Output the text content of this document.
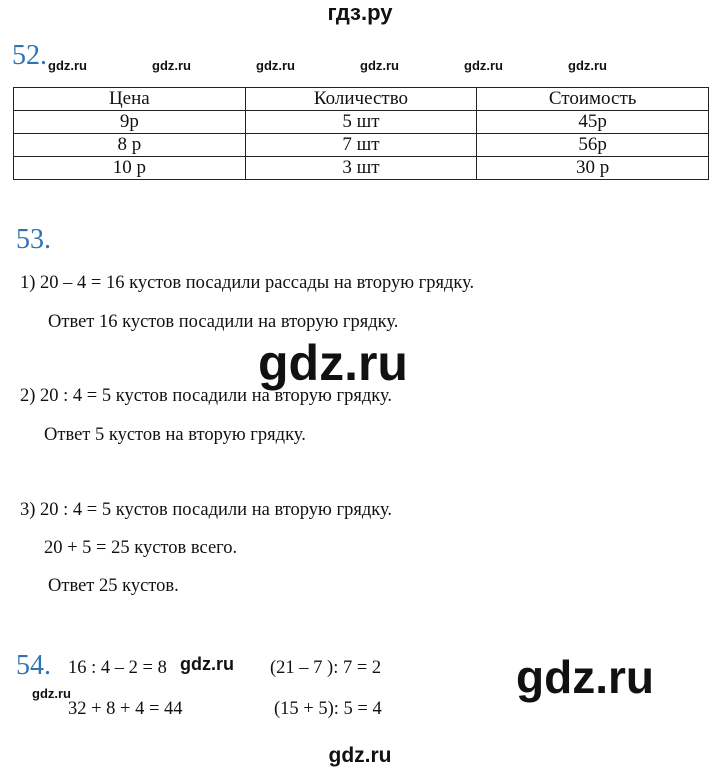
гдз.ру
52. gdz.ru	gdz.ru	gdz.ru	gdz.ru	gdz.ru	gdz.ru
Цена	Количество	Стоимость
9р	5 шт	45р
8 р	7 шт	56р
10 р	3 шт	30 р
53.
1) 20 – 4 = 16 кустов посадили рассады на вторую грядку.
Ответ 16 кустов посадили на вторую грядку.
gdz.ru
2) 20 : 4 = 5 кустов посадили на вторую грядку.
Ответ 5 кустов на вторую грядку.
3) 20 : 4 = 5 кустов посадили на вторую грядку.
20 + 5 = 25 кустов всего.
Ответ 25 кустов.
54. 16 : 4 – 2 = 8 gdz.ru (21 – 7 ): 7 = 2
gdz.ru
32 + 8 + 4 = 44	(15 + 5): 5 = 4
gdz.ru
gdz.ru
